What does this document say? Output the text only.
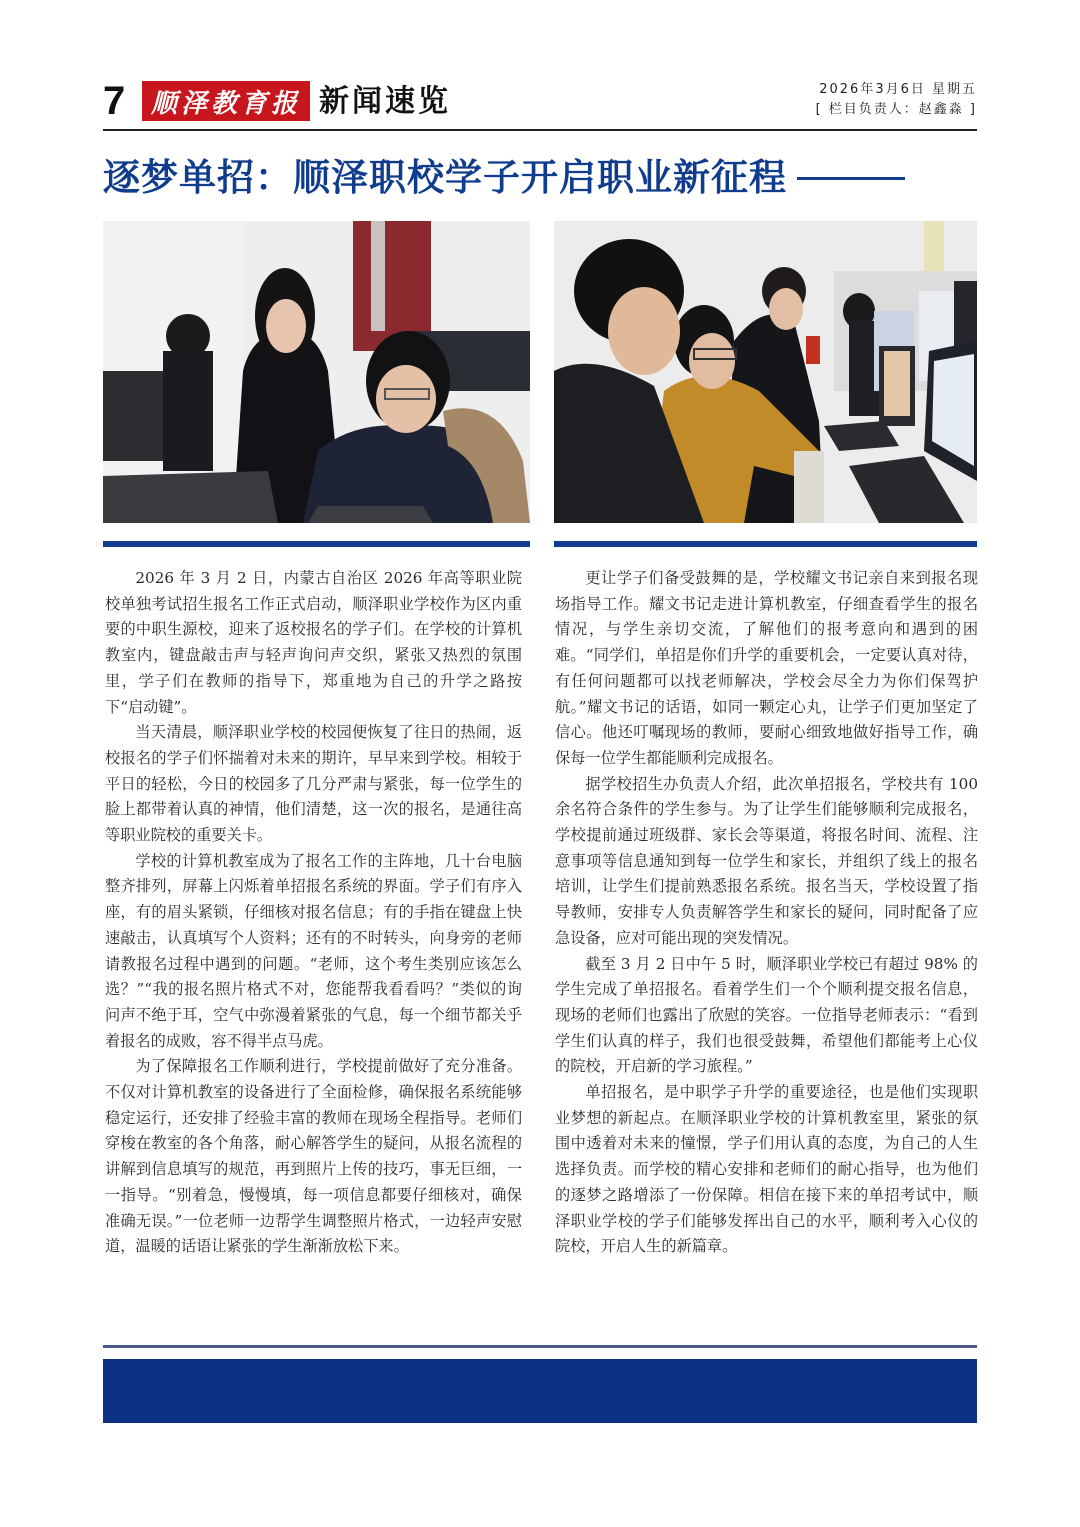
7 顺泽教育报 新闻速览	2026年3月6日 星期五
[ 栏目负责人：赵鑫淼 ]
逐梦单招：顺泽职校学子开启职业新征程

2026 年 3 月 2 日，内蒙古自治区 2026 年高等职业院校单独考试招生报名工作正式启动，顺泽职业学校作为区内重要的中职生源校，迎来了返校报名的学子们。在学校的计算机教室内，键盘敲击声与轻声询问声交织，紧张又热烈的氛围里，学子们在教师的指导下，郑重地为自己的升学之路按下“启动键”。

当天清晨，顺泽职业学校的校园便恢复了往日的热闹，返校报名的学子们怀揣着对未来的期许，早早来到学校。相较于平日的轻松，今日的校园多了几分严肃与紧张，每一位学生的脸上都带着认真的神情，他们清楚，这一次的报名，是通往高等职业院校的重要关卡。

学校的计算机教室成为了报名工作的主阵地，几十台电脑整齐排列，屏幕上闪烁着单招报名系统的界面。学子们有序入座，有的眉头紧锁，仔细核对报名信息；有的手指在键盘上快速敲击，认真填写个人资料；还有的不时转头，向身旁的老师请教报名过程中遇到的问题。“老师，这个考生类别应该怎么选？”“我的报名照片格式不对，您能帮我看看吗？”类似的询问声不绝于耳，空气中弥漫着紧张的气息，每一个细节都关乎着报名的成败，容不得半点马虎。

为了保障报名工作顺利进行，学校提前做好了充分准备。不仅对计算机教室的设备进行了全面检修，确保报名系统能够稳定运行，还安排了经验丰富的教师在现场全程指导。老师们穿梭在教室的各个角落，耐心解答学生的疑问，从报名流程的讲解到信息填写的规范，再到照片上传的技巧，事无巨细，一一指导。“别着急，慢慢填，每一项信息都要仔细核对，确保准确无误。”一位老师一边帮学生调整照片格式，一边轻声安慰道，温暖的话语让紧张的学生渐渐放松下来。

更让学子们备受鼓舞的是，学校耀文书记亲自来到报名现场指导工作。耀文书记走进计算机教室，仔细查看学生的报名情况，与学生亲切交流，了解他们的报考意向和遇到的困难。“同学们，单招是你们升学的重要机会，一定要认真对待，有任何问题都可以找老师解决，学校会尽全力为你们保驾护航。”耀文书记的话语，如同一颗定心丸，让学子们更加坚定了信心。他还叮嘱现场的教师，要耐心细致地做好指导工作，确保每一位学生都能顺利完成报名。

据学校招生办负责人介绍，此次单招报名，学校共有 100 余名符合条件的学生参与。为了让学生们能够顺利完成报名，学校提前通过班级群、家长会等渠道，将报名时间、流程、注意事项等信息通知到每一位学生和家长，并组织了线上的报名培训，让学生们提前熟悉报名系统。报名当天，学校设置了指导教师，安排专人负责解答学生和家长的疑问，同时配备了应急设备，应对可能出现的突发情况。

截至 3 月 2 日中午 5 时，顺泽职业学校已有超过 98% 的学生完成了单招报名。看着学生们一个个顺利提交报名信息，现场的老师们也露出了欣慰的笑容。一位指导老师表示：“看到学生们认真的样子，我们也很受鼓舞，希望他们都能考上心仪的院校，开启新的学习旅程。”

单招报名，是中职学子升学的重要途径，也是他们实现职业梦想的新起点。在顺泽职业学校的计算机教室里，紧张的氛围中透着对未来的憧憬，学子们用认真的态度，为自己的人生选择负责。而学校的精心安排和老师们的耐心指导，也为他们的逐梦之路增添了一份保障。相信在接下来的单招考试中，顺泽职业学校的学子们能够发挥出自己的水平，顺利考入心仪的院校，开启人生的新篇章。
